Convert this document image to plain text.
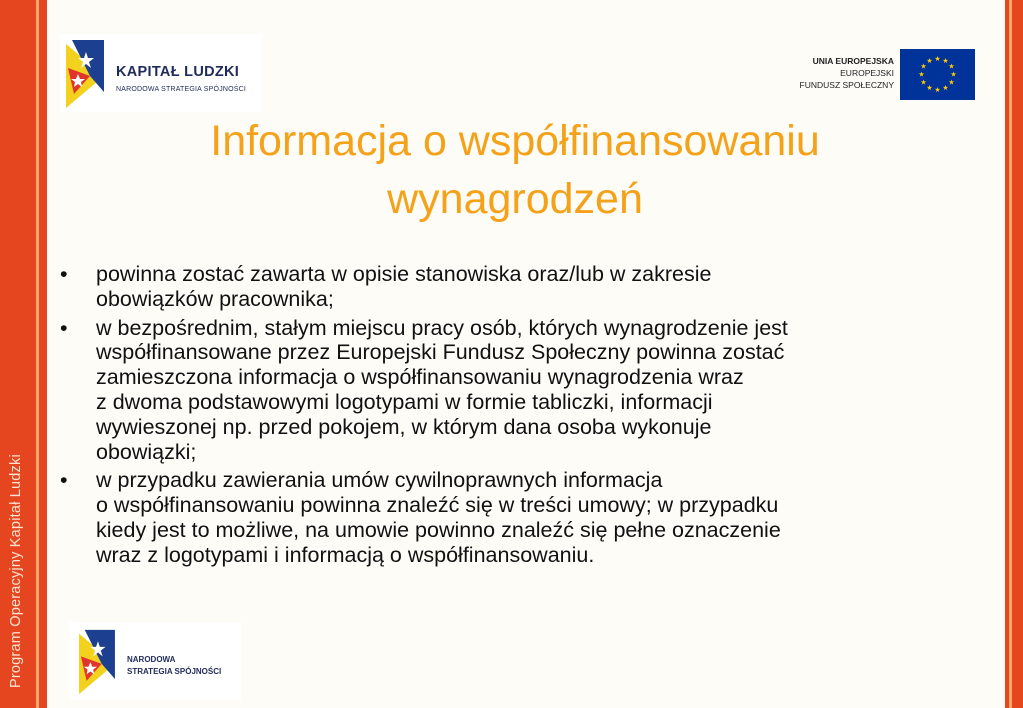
Program Operacyjny Kapitał Ludzki
KAPITAŁ LUDZKI
NARODOWA STRATEGIA SPÓJNOŚCI
UNIA EUROPEJSKA
EUROPEJSKI
FUNDUSZ SPOŁECZNY
★ ★
★
★
★
★
★
★
★
★
★
★
Informacja o współfinansowaniu
wynagrodzeń
• powinna zostać zawarta w opisie stanowiska oraz/lub w zakresie
obowiązków pracownika;
• w bezpośrednim, stałym miejscu pracy osób, których wynagrodzenie jest
współfinansowane przez Europejski Fundusz Społeczny powinna zostać
zamieszczona informacja o współfinansowaniu wynagrodzenia wraz
z dwoma podstawowymi logotypami w formie tabliczki, informacji
wywieszonej np. przed pokojem, w którym dana osoba wykonuje
obowiązki;
• w przypadku zawierania umów cywilnoprawnych informacja
o współfinansowaniu powinna znaleźć się w treści umowy; w przypadku
kiedy jest to możliwe, na umowie powinno znaleźć się pełne oznaczenie
wraz z logotypami i informacją o współfinansowaniu.
NARODOWA
STRATEGIA SPÓJNOŚCI
